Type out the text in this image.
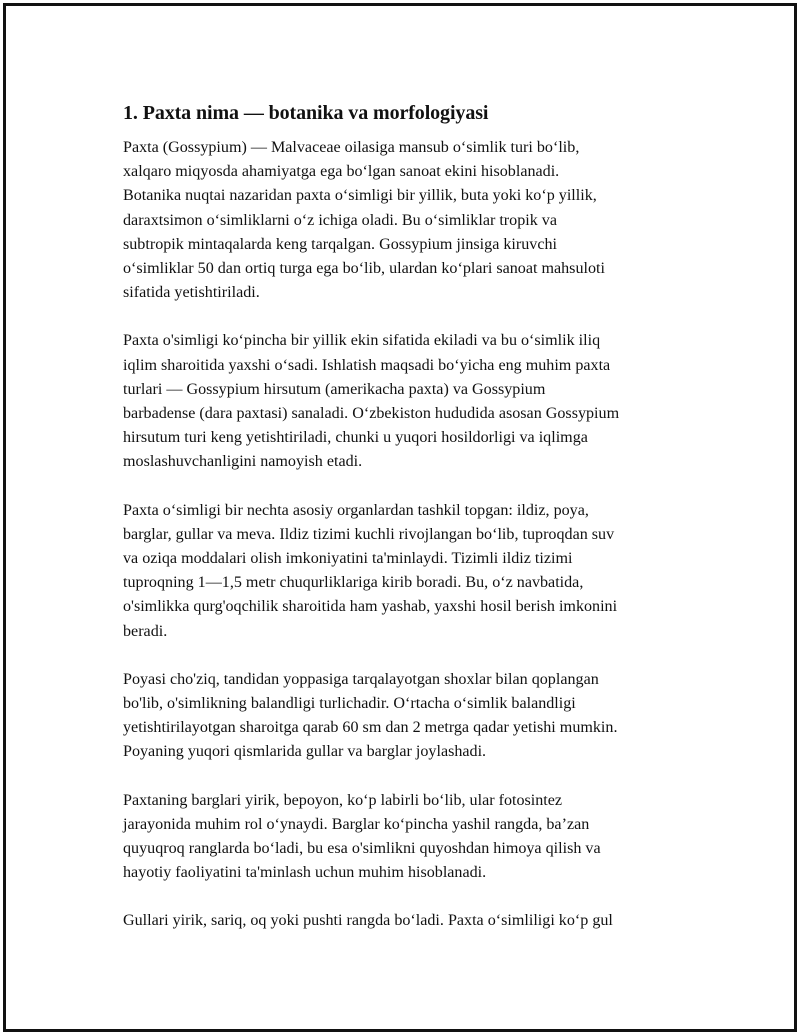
1. Paxta nima — botanika va morfologiyasi

Paxta (Gossypium) — Malvaceae oilasiga mansub o‘simlik turi bo‘lib,
xalqaro miqyosda ahamiyatga ega bo‘lgan sanoat ekini hisoblanadi.
Botanika nuqtai nazaridan paxta o‘simligi bir yillik, buta yoki ko‘p yillik,
daraxtsimon o‘simliklarni o‘z ichiga oladi. Bu o‘simliklar tropik va
subtropik mintaqalarda keng tarqalgan. Gossypium jinsiga kiruvchi
o‘simliklar 50 dan ortiq turga ega bo‘lib, ulardan ko‘plari sanoat mahsuloti
sifatida yetishtiriladi.

Paxta o'simligi ko‘pincha bir yillik ekin sifatida ekiladi va bu o‘simlik iliq
iqlim sharoitida yaxshi o‘sadi. Ishlatish maqsadi bo‘yicha eng muhim paxta
turlari — Gossypium hirsutum (amerikacha paxta) va Gossypium
barbadense (dara paxtasi) sanaladi. O‘zbekiston hududida asosan Gossypium
hirsutum turi keng yetishtiriladi, chunki u yuqori hosildorligi va iqlimga
moslashuvchanligini namoyish etadi.

Paxta o‘simligi bir nechta asosiy organlardan tashkil topgan: ildiz, poya,
barglar, gullar va meva. Ildiz tizimi kuchli rivojlangan bo‘lib, tuproqdan suv
va oziqa moddalari olish imkoniyatini ta'minlaydi. Tizimli ildiz tizimi
tuproqning 1—1,5 metr chuqurliklariga kirib boradi. Bu, o‘z navbatida,
o'simlikka qurg'oqchilik sharoitida ham yashab, yaxshi hosil berish imkonini
beradi.

Poyasi cho'ziq, tandidan yoppasiga tarqalayotgan shoxlar bilan qoplangan
bo'lib, o'simlikning balandligi turlichadir. O‘rtacha o‘simlik balandligi
yetishtirilayotgan sharoitga qarab 60 sm dan 2 metrga qadar yetishi mumkin.
Poyaning yuqori qismlarida gullar va barglar joylashadi.

Paxtaning barglari yirik, bepoyon, ko‘p labirli bo‘lib, ular fotosintez
jarayonida muhim rol o‘ynaydi. Barglar ko‘pincha yashil rangda, ba’zan
quyuqroq ranglarda bo‘ladi, bu esa o'simlikni quyoshdan himoya qilish va
hayotiy faoliyatini ta'minlash uchun muhim hisoblanadi.

Gullari yirik, sariq, oq yoki pushti rangda bo‘ladi. Paxta o‘simliligi ko‘p gul
